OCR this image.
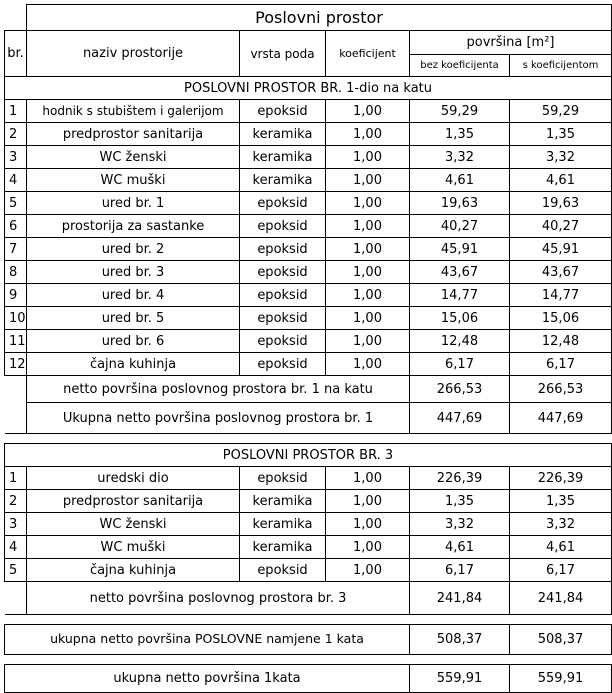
	Poslovni prostor				
br.	naziv prostorije	vrsta poda	koeficijent	površina [m²]	
				bez koeficijenta	s koeficijentom
POSLOVNI PROSTOR BR. 1-dio na katu					
1	hodnik s stubištem i galerijom	epoksid	1,00	59,29	59,29
2	predprostor sanitarija	keramika	1,00	1,35	1,35
3	WC ženski	keramika	1,00	3,32	3,32
4	WC muški	keramika	1,00	4,61	4,61
5	ured br. 1	epoksid	1,00	19,63	19,63
6	prostorija za sastanke	epoksid	1,00	40,27	40,27
7	ured br. 2	epoksid	1,00	45,91	45,91
8	ured br. 3	epoksid	1,00	43,67	43,67
9	ured br. 4	epoksid	1,00	14,77	14,77
10	ured br. 5	epoksid	1,00	15,06	15,06
11	ured br. 6	epoksid	1,00	12,48	12,48
12	čajna kuhinja	epoksid	1,00	6,17	6,17
	netto površina poslovnog prostora br. 1 na katu			266,53	266,53
	Ukupna netto površina poslovnog prostora br. 1			447,69	447,69

POSLOVNI PROSTOR BR. 3					
1	uredski dio	epoksid	1,00	226,39	226,39
2	predprostor sanitarija	keramika	1,00	1,35	1,35
3	WC ženski	keramika	1,00	3,32	3,32
4	WC muški	keramika	1,00	4,61	4,61
5	čajna kuhinja	epoksid	1,00	6,17	6,17
	netto površina poslovnog prostora br. 3			241,84	241,84

ukupna netto površina POSLOVNE namjene 1 kata				508,37	508,37

ukupna netto površina 1kata				559,91	559,91
